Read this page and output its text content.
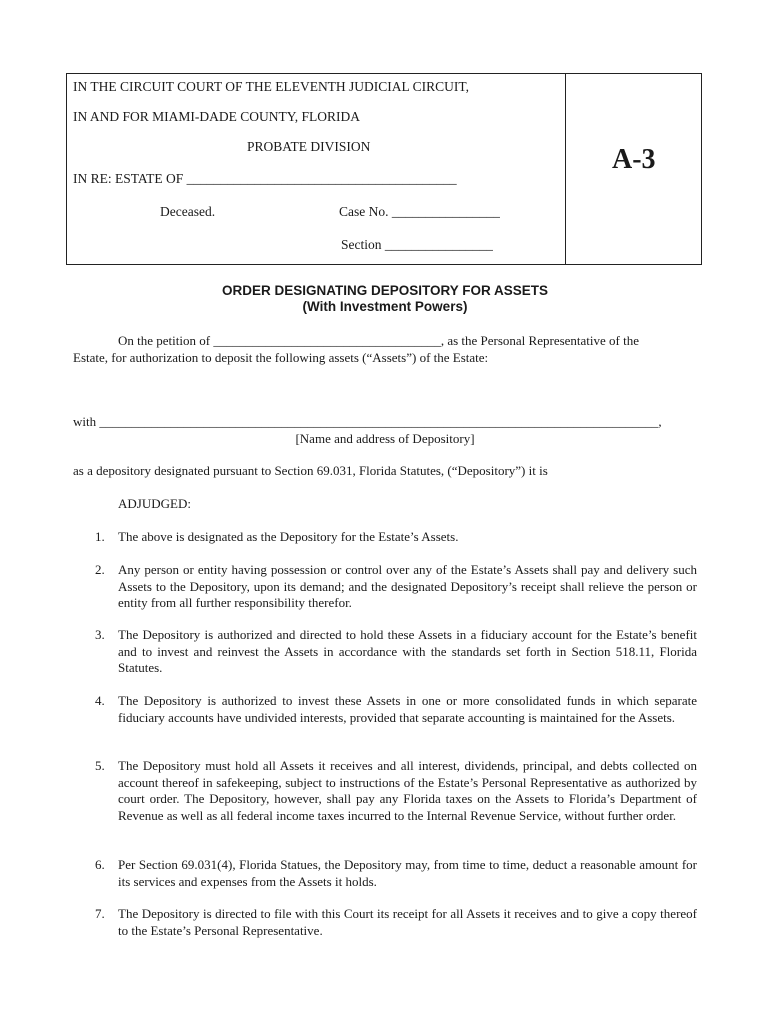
IN THE CIRCUIT COURT OF THE ELEVENTH JUDICIAL CIRCUIT,
IN AND FOR MIAMI-DADE COUNTY, FLORIDA
PROBATE DIVISION
IN RE: ESTATE OF ________________________________________
Deceased.	Case No. ________________
Section ________________
A-3
ORDER DESIGNATING DEPOSITORY FOR ASSETS
(With Investment Powers)
On the petition of ___________________________________, as the Personal Representative of the
Estate, for authorization to deposit the following assets (“Assets”) of the Estate:
with ______________________________________________________________________________________,
[Name and address of Depository]
as a depository designated pursuant to Section 69.031, Florida Statutes, (“Depository”) it is
ADJUDGED:
1. The above is designated as the Depository for the Estate’s Assets.
2. Any person or entity having possession or control over any of the Estate’s Assets shall pay and delivery such Assets to the Depository, upon its demand; and the designated Depository’s receipt shall relieve the person or entity from all further responsibility therefor.
3. The Depository is authorized and directed to hold these Assets in a fiduciary account for the Estate’s benefit and to invest and reinvest the Assets in accordance with the standards set forth in Section 518.11, Florida Statutes.
4. The Depository is authorized to invest these Assets in one or more consolidated funds in which separate fiduciary accounts have undivided interests, provided that separate accounting is maintained for the Assets.
5. The Depository must hold all Assets it receives and all interest, dividends, principal, and debts collected on account thereof in safekeeping, subject to instructions of the Estate’s Personal Representative as authorized by court order. The Depository, however, shall pay any Florida taxes on the Assets to Florida’s Department of Revenue as well as all federal income taxes incurred to the Internal Revenue Service, without further order.
6. Per Section 69.031(4), Florida Statues, the Depository may, from time to time, deduct a reasonable amount for its services and expenses from the Assets it holds.
7. The Depository is directed to file with this Court its receipt for all Assets it receives and to give a copy thereof to the Estate’s Personal Representative.
